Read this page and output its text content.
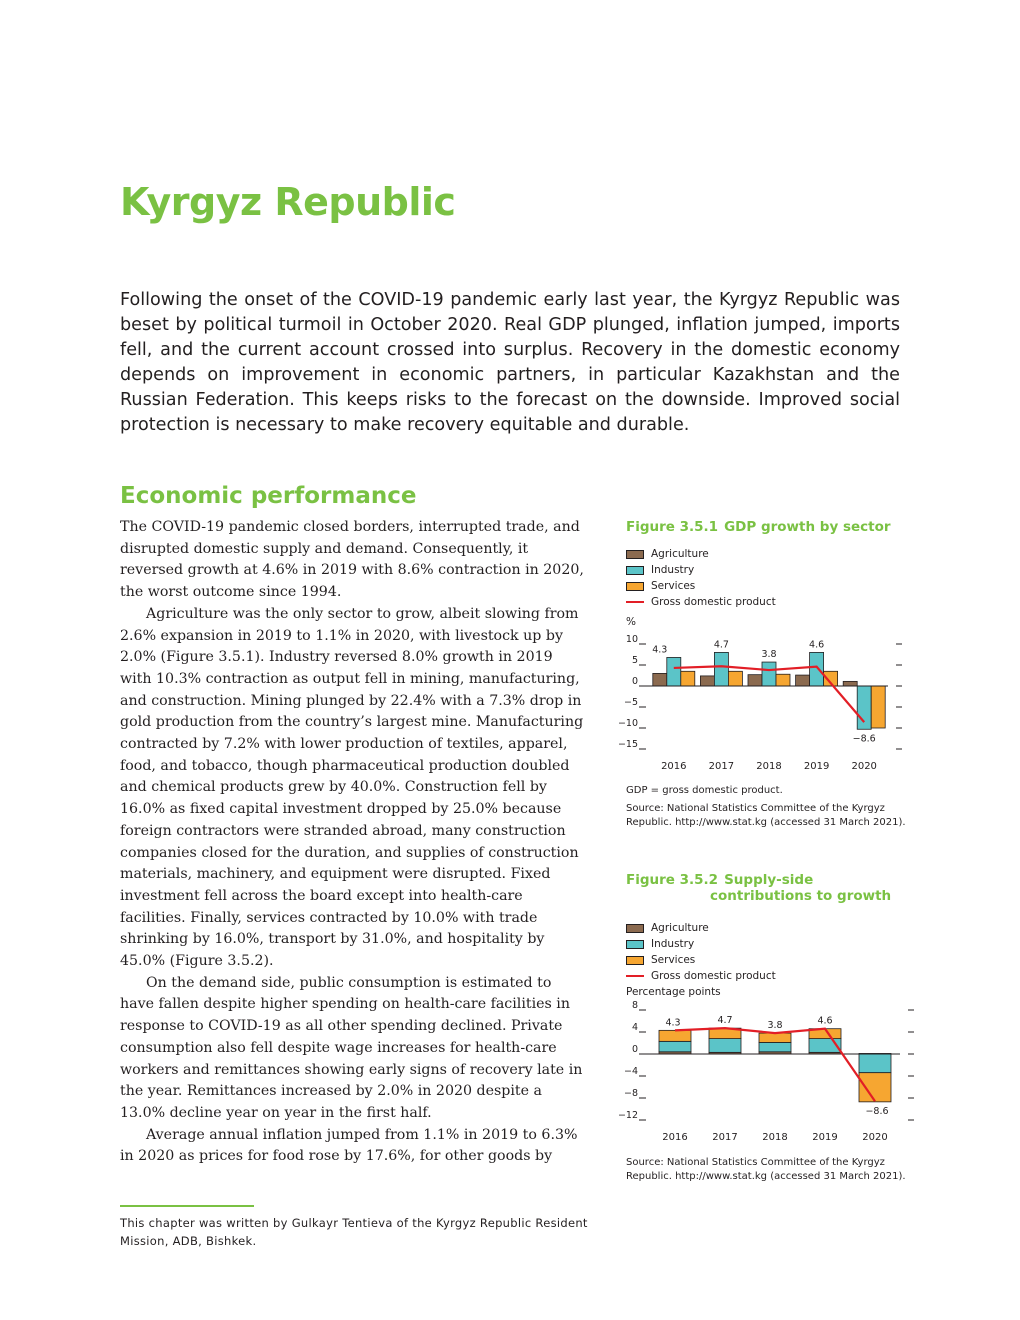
Kyrgyz Republic

Following the onset of the COVID-19 pandemic early last year, the Kyrgyz Republic was beset by political turmoil in October 2020. Real GDP plunged, inflation jumped, imports fell, and the current account crossed into surplus. Recovery in the domestic economy depends on improvement in economic partners, in particular Kazakhstan and the Russian Federation. This keeps risks to the forecast on the downside. Improved social protection is necessary to make recovery equitable and durable.

Economic performance

The COVID-19 pandemic closed borders, interrupted trade, and disrupted domestic supply and demand. Consequently, it reversed growth at 4.6% in 2019 with 8.6% contraction in 2020, the worst outcome since 1994.

Agriculture was the only sector to grow, albeit slowing from 2.6% expansion in 2019 to 1.1% in 2020, with livestock up by 2.0% (Figure 3.5.1). Industry reversed 8.0% growth in 2019 with 10.3% contraction as output fell in mining, manufacturing, and construction. Mining plunged by 22.4% with a 7.3% drop in gold production from the country’s largest mine. Manufacturing contracted by 7.2% with lower production of textiles, apparel, food, and tobacco, though pharmaceutical production doubled and chemical products grew by 40.0%. Construction fell by 16.0% as fixed capital investment dropped by 25.0% because foreign contractors were stranded abroad, many construction companies closed for the duration, and supplies of construction materials, machinery, and equipment were disrupted. Fixed investment fell across the board except into health-care facilities. Finally, services contracted by 10.0% with trade shrinking by 16.0%, transport by 31.0%, and hospitality by 45.0% (Figure 3.5.2).

On the demand side, public consumption is estimated to have fallen despite higher spending on health-care facilities in response to COVID-19 as all other spending declined. Private consumption also fell despite wage increases for health-care workers and remittances showing early signs of recovery late in the year. Remittances increased by 2.0% in 2020 despite a 13.0% decline year on year in the first half.

Average annual inflation jumped from 1.1% in 2019 to 6.3% in 2020 as prices for food rose by 17.6%, for other goods by

This chapter was written by Gulkayr Tentieva of the Kyrgyz Republic Resident Mission, ADB, Bishkek.

Figure 3.5.1 GDP growth by sector

Agriculture
Industry
Services
Gross domestic product

%

10
5
0
−5
−10
−15
4.3	4.7
3.8
4.6
−8.6
2016 2017 2018 2019 2020

GDP = gross domestic product.

Source: National Statistics Committee of the Kyrgyz Republic. http://www.stat.kg (accessed 31 March 2021).

Figure 3.5.2 Supply-side contributions to growth

Agriculture
Industry
Services
Gross domestic product

Percentage points

8
4
0
−4
−8
−12
4.3	4.7	3.8	4.6
−8.6
2016 2017 2018 2019 2020

Source: National Statistics Committee of the Kyrgyz Republic. http://www.stat.kg (accessed 31 March 2021).
